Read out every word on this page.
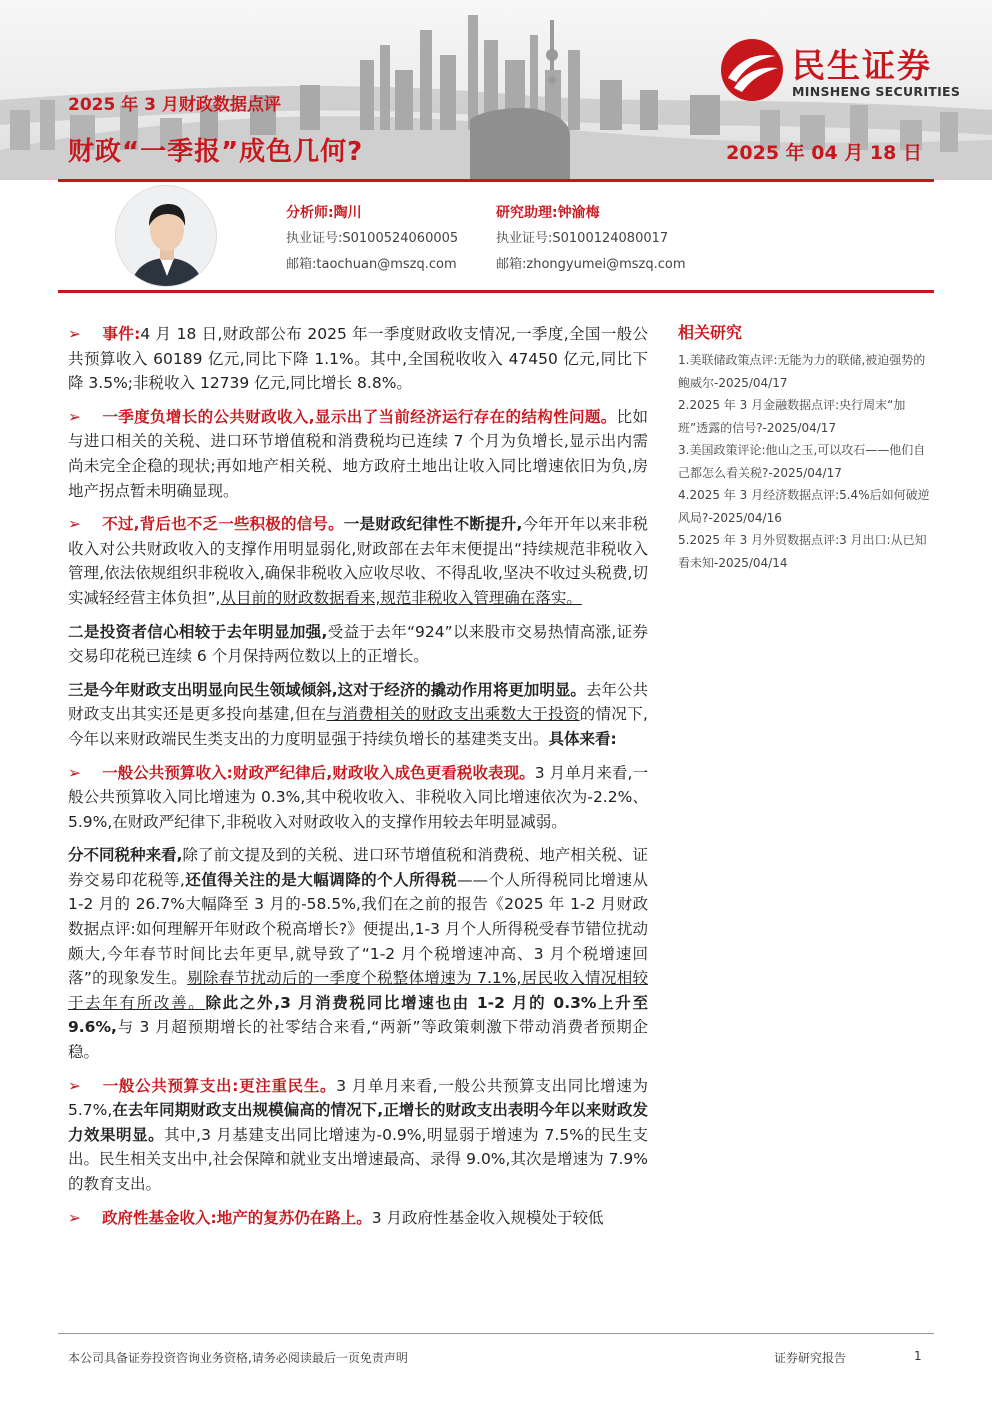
2025 年 3 月财政数据点评
财政“一季报”成色几何?	2025 年 04 月 18 日
民生证券
MINSHENG SECURITIES
分析师:陶川
执业证号:S0100524060005
邮箱:taochuan@mszq.com
研究助理:钟渝梅
执业证号:S0100124080017
邮箱:zhongyumei@mszq.com

➢ 事件:4 月 18 日,财政部公布 2025 年一季度财政收支情况,一季度,全国一般公共预算收入 60189 亿元,同比下降 1.1%。其中,全国税收收入 47450 亿元,同比下降 3.5%;非税收入 12739 亿元,同比增长 8.8%。

➢ 一季度负增长的公共财政收入,显示出了当前经济运行存在的结构性问题。比如与进口相关的关税、进口环节增值税和消费税均已连续 7 个月为负增长,显示出内需尚未完全企稳的现状;再如地产相关税、地方政府土地出让收入同比增速依旧为负,房地产拐点暂未明确显现。

➢ 不过,背后也不乏一些积极的信号。一是财政纪律性不断提升,今年开年以来非税收入对公共财政收入的支撑作用明显弱化,财政部在去年末便提出“持续规范非税收入管理,依法依规组织非税收入,确保非税收入应收尽收、不得乱收,坚决不收过头税费,切实减轻经营主体负担”,从目前的财政数据看来,规范非税收入管理确在落实。

二是投资者信心相较于去年明显加强,受益于去年“924”以来股市交易热情高涨,证券交易印花税已连续 6 个月保持两位数以上的正增长。

三是今年财政支出明显向民生领域倾斜,这对于经济的撬动作用将更加明显。去年公共财政支出其实还是更多投向基建,但在与消费相关的财政支出乘数大于投资的情况下,今年以来财政端民生类支出的力度明显强于持续负增长的基建类支出。具体来看:

➢ 一般公共预算收入:财政严纪律后,财政收入成色更看税收表现。3 月单月来看,一般公共预算收入同比增速为 0.3%,其中税收收入、非税收入同比增速依次为-2.2%、5.9%,在财政严纪律下,非税收入对财政收入的支撑作用较去年明显减弱。

分不同税种来看,除了前文提及到的关税、进口环节增值税和消费税、地产相关税、证券交易印花税等,还值得关注的是大幅调降的个人所得税——个人所得税同比增速从 1-2 月的 26.7%大幅降至 3 月的-58.5%,我们在之前的报告《2025 年 1-2 月财政数据点评:如何理解开年财政个税高增长?》便提出,1-3 月个人所得税受春节错位扰动颇大,今年春节时间比去年更早,就导致了“1-2 月个税增速冲高、3 月个税增速回落”的现象发生。剔除春节扰动后的一季度个税整体增速为 7.1%,居民收入情况相较于去年有所改善。除此之外,3 月消费税同比增速也由 1-2 月的 0.3%上升至 9.6%,与 3 月超预期增长的社零结合来看,“两新”等政策刺激下带动消费者预期企稳。

➢ 一般公共预算支出:更注重民生。3 月单月来看,一般公共预算支出同比增速为 5.7%,在去年同期财政支出规模偏高的情况下,正增长的财政支出表明今年以来财政发力效果明显。其中,3 月基建支出同比增速为-0.9%,明显弱于增速为 7.5%的民生支出。民生相关支出中,社会保障和就业支出增速最高、录得 9.0%,其次是增速为 7.9%的教育支出。

➢ 政府性基金收入:地产的复苏仍在路上。3 月政府性基金收入规模处于较低

相关研究
1.美联储政策点评:无能为力的联储,被迫强势的鲍威尔-2025/04/17
2.2025 年 3 月金融数据点评:央行周末“加班”透露的信号?-2025/04/17
3.美国政策评论:他山之玉,可以攻石——他们自己都怎么看关税?-2025/04/17
4.2025 年 3 月经济数据点评:5.4%后如何破逆风局?-2025/04/16
5.2025 年 3 月外贸数据点评:3 月出口:从已知看未知-2025/04/14
本公司具备证券投资咨询业务资格,请务必阅读最后一页免责声明	证券研究报告	1
